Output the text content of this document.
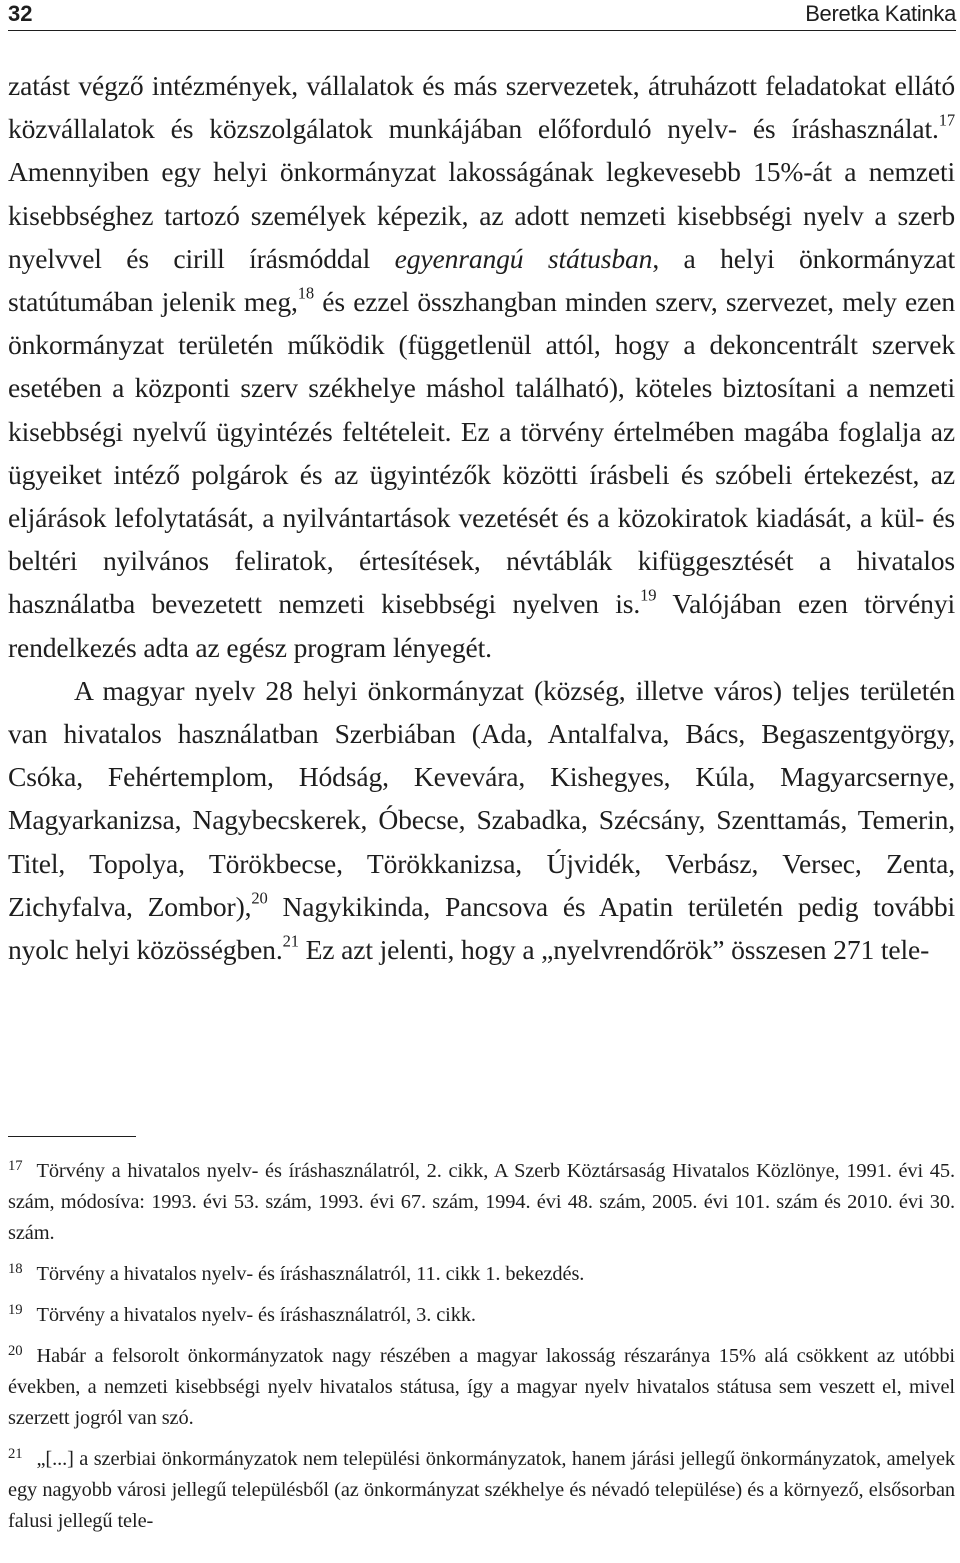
32	Beretka Katinka

zatást végző intézmények, vállalatok és más szervezetek, átruházott feladatokat ellátó közvállalatok és közszolgálatok munkájában előforduló nyelv- és íráshasználat.$^{17}$ Amennyiben egy helyi önkormányzat lakosságának legkevesebb 15%-át a nemzeti kisebbséghez tartozó személyek képezik, az adott nemzeti kisebbségi nyelv a szerb nyelvvel és cirill írásmóddal egyenrangú státusban, a helyi önkormányzat statútumában jelenik meg,$^{18}$ és ezzel összhangban minden szerv, szervezet, mely ezen önkormányzat területén működik (függetlenül attól, hogy a dekoncentrált szervek esetében a központi szerv székhelye máshol található), köteles biztosítani a nemzeti kisebbségi nyelvű ügyintézés feltételeit. Ez a törvény értelmében magába foglalja az ügyeiket intéző polgárok és az ügyintézők közötti írásbeli és szóbeli értekezést, az eljárások lefolytatását, a nyilvántartások vezetését és a közokiratok kiadását, a kül- és beltéri nyilvános feliratok, értesítések, névtáblák kifüggesztését a hivatalos használatba bevezetett nemzeti kisebbségi nyelven is.$^{19}$ Valójában ezen törvényi rendelkezés adta az egész program lényegét.

A magyar nyelv 28 helyi önkormányzat (község, illetve város) teljes területén van hivatalos használatban Szerbiában (Ada, Antalfalva, Bács, Begaszentgyörgy, Csóka, Fehértemplom, Hódság, Kevevára, Kishegyes, Kúla, Magyarcsernye, Magyarkanizsa, Nagybecskerek, Óbecse, Szabadka, Szécsány, Szenttamás, Temerin, Titel, Topolya, Törökbecse, Törökkanizsa, Újvidék, Verbász, Versec, Zenta, Zichyfalva, Zombor),$^{20}$ Nagykikinda, Pancsova és Apatin területén pedig további nyolc helyi közösségben.$^{21}$ Ez azt jelenti, hogy a „nyelvrendőrök” összesen 271 tele-

$^{17}$ Törvény a hivatalos nyelv- és íráshasználatról, 2. cikk, A Szerb Köztársaság Hivatalos Közlönye, 1991. évi 45. szám, módosíva: 1993. évi 53. szám, 1993. évi 67. szám, 1994. évi 48. szám, 2005. évi 101. szám és 2010. évi 30. szám.

$^{18}$ Törvény a hivatalos nyelv- és íráshasználatról, 11. cikk 1. bekezdés.

$^{19}$ Törvény a hivatalos nyelv- és íráshasználatról, 3. cikk.

$^{20}$ Habár a felsorolt önkormányzatok nagy részében a magyar lakosság részaránya 15% alá csökkent az utóbbi években, a nemzeti kisebbségi nyelv hivatalos státusa, így a magyar nyelv hivatalos státusa sem veszett el, mivel szerzett jogról van szó.

$^{21}$ „[...] a szerbiai önkormányzatok nem települési önkormányzatok, hanem járási jellegű önkormányzatok, amelyek egy nagyobb városi jellegű településből (az önkormányzat székhelye és névadó települése) és a környező, elsősorban falusi jellegű tele-
